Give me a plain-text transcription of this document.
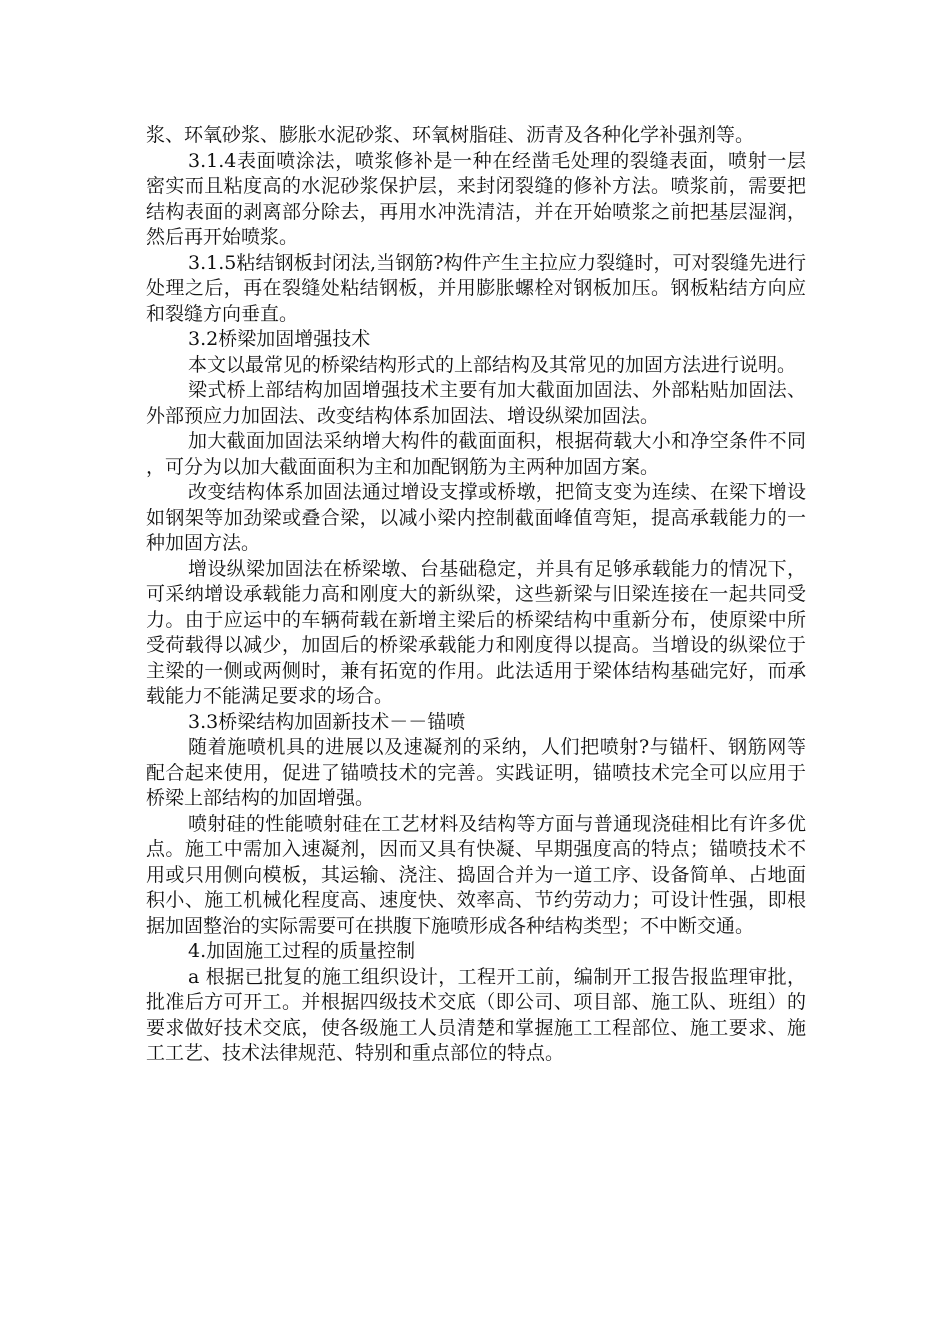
浆、环氧砂浆、膨胀水泥砂浆、环氧树脂硅、沥青及各种化学补强剂等。

3.1.4表面喷涂法，喷浆修补是一种在经凿毛处理的裂缝表面，喷射一层密实而且粘度高的水泥砂浆保护层，来封闭裂缝的修补方法。喷浆前，需要把结构表面的剥离部分除去，再用水冲洗清洁，并在开始喷浆之前把基层湿润，然后再开始喷浆。

3.1.5粘结钢板封闭法,当钢筋?构件产生主拉应力裂缝时，可对裂缝先进行处理之后，再在裂缝处粘结钢板，并用膨胀螺栓对钢板加压。钢板粘结方向应和裂缝方向垂直。

3.2桥梁加固增强技术

本文以最常见的桥梁结构形式的上部结构及其常见的加固方法进行说明。

梁式桥上部结构加固增强技术主要有加大截面加固法、外部粘贴加固法、外部预应力加固法、改变结构体系加固法、增设纵梁加固法。

加大截面加固法采纳增大构件的截面面积，根据荷载大小和净空条件不同，可分为以加大截面面积为主和加配钢筋为主两种加固方案。

改变结构体系加固法通过增设支撑或桥墩，把简支变为连续、在梁下增设如钢架等加劲梁或叠合梁，以减小梁内控制截面峰值弯矩，提高承载能力的一种加固方法。

增设纵梁加固法在桥梁墩、台基础稳定，并具有足够承载能力的情况下，可采纳增设承载能力高和刚度大的新纵梁，这些新梁与旧梁连接在一起共同受力。由于应运中的车辆荷载在新增主梁后的桥梁结构中重新分布，使原梁中所受荷载得以减少，加固后的桥梁承载能力和刚度得以提高。当增设的纵梁位于主梁的一侧或两侧时，兼有拓宽的作用。此法适用于梁体结构基础完好，而承载能力不能满足要求的场合。

3.3桥梁结构加固新技术－－锚喷

随着施喷机具的进展以及速凝剂的采纳，人们把喷射?与锚杆、钢筋网等配合起来使用，促进了锚喷技术的完善。实践证明，锚喷技术完全可以应用于桥梁上部结构的加固增强。

喷射硅的性能喷射硅在工艺材料及结构等方面与普通现浇硅相比有许多优点。施工中需加入速凝剂，因而又具有快凝、早期强度高的特点；锚喷技术不用或只用侧向模板，其运输、浇注、捣固合并为一道工序、设备简单、占地面积小、施工机械化程度高、速度快、效率高、节约劳动力；可设计性强，即根据加固整治的实际需要可在拱腹下施喷形成各种结构类型；不中断交通。

4.加固施工过程的质量控制

a 根据已批复的施工组织设计，工程开工前，编制开工报告报监理审批，批准后方可开工。并根据四级技术交底（即公司、项目部、施工队、班组）的要求做好技术交底，使各级施工人员清楚和掌握施工工程部位、施工要求、施工工艺、技术法律规范、特别和重点部位的特点。
